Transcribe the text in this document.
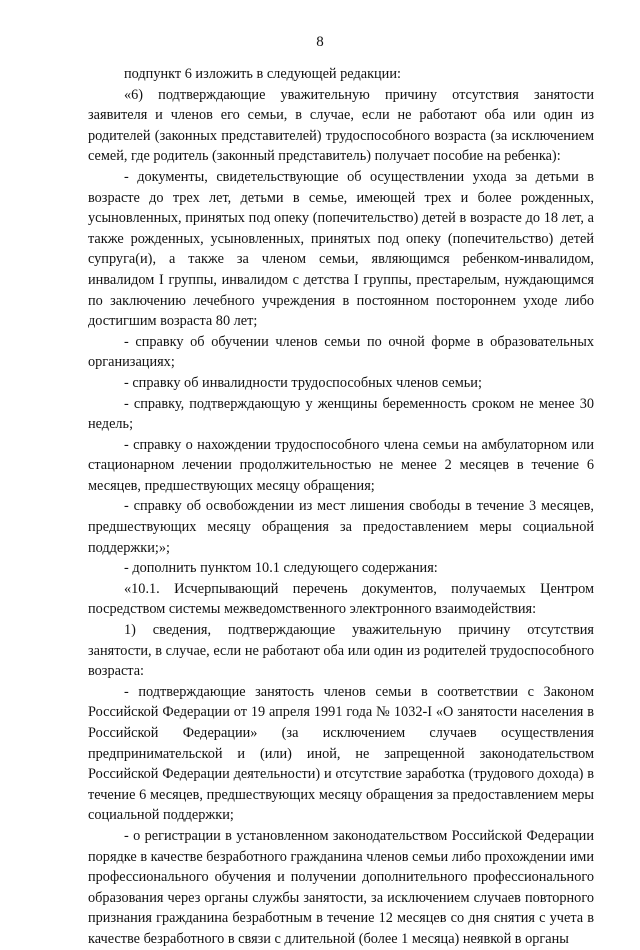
8

подпункт 6 изложить в следующей редакции:

«6) подтверждающие уважительную причину отсутствия занятости заявителя и членов его семьи, в случае, если не работают оба или один из родителей (законных представителей) трудоспособного возраста (за исключением семей, где родитель (законный представитель) получает пособие на ребенка):

- документы, свидетельствующие об осуществлении ухода за детьми в возрасте до трех лет, детьми в семье, имеющей трех и более рожденных, усыновленных, принятых под опеку (попечительство) детей в возрасте до 18 лет, а также рожденных, усыновленных, принятых под опеку (попечительство) детей супруга(и), а также за членом семьи, являющимся ребенком-инвалидом, инвалидом I группы, инвалидом с детства I группы, престарелым, нуждающимся по заключению лечебного учреждения в постоянном постороннем уходе либо достигшим возраста 80 лет;

- справку об обучении членов семьи по очной форме в образовательных организациях;

- справку об инвалидности трудоспособных членов семьи;

- справку, подтверждающую у женщины беременность сроком не менее 30 недель;

- справку о нахождении трудоспособного члена семьи на амбулаторном или стационарном лечении продолжительностью не менее 2 месяцев в течение 6 месяцев, предшествующих месяцу обращения;

- справку об освобождении из мест лишения свободы в течение 3 месяцев, предшествующих месяцу обращения за предоставлением меры социальной поддержки;»;

- дополнить пунктом 10.1 следующего содержания:

«10.1. Исчерпывающий перечень документов, получаемых Центром посредством системы межведомственного электронного взаимодействия:

1) сведения, подтверждающие уважительную причину отсутствия занятости, в случае, если не работают оба или один из родителей трудоспособного возраста:

- подтверждающие занятость членов семьи в соответствии с Законом Российской Федерации от 19 апреля 1991 года № 1032-I «О занятости населения в Российской Федерации» (за исключением случаев осуществления предпринимательской и (или) иной, не запрещенной законодательством Российской Федерации деятельности) и отсутствие заработка (трудового дохода) в течение 6 месяцев, предшествующих месяцу обращения за предоставлением меры социальной поддержки;

- о регистрации в установленном законодательством Российской Федерации порядке в качестве безработного гражданина членов семьи либо прохождении ими профессионального обучения и получении дополнительного профессионального образования через органы службы занятости, за исключением случаев повторного признания гражданина безработным в течение 12 месяцев со дня снятия с учета в качестве безработного в связи с длительной (более 1 месяца) неявкой в органы
